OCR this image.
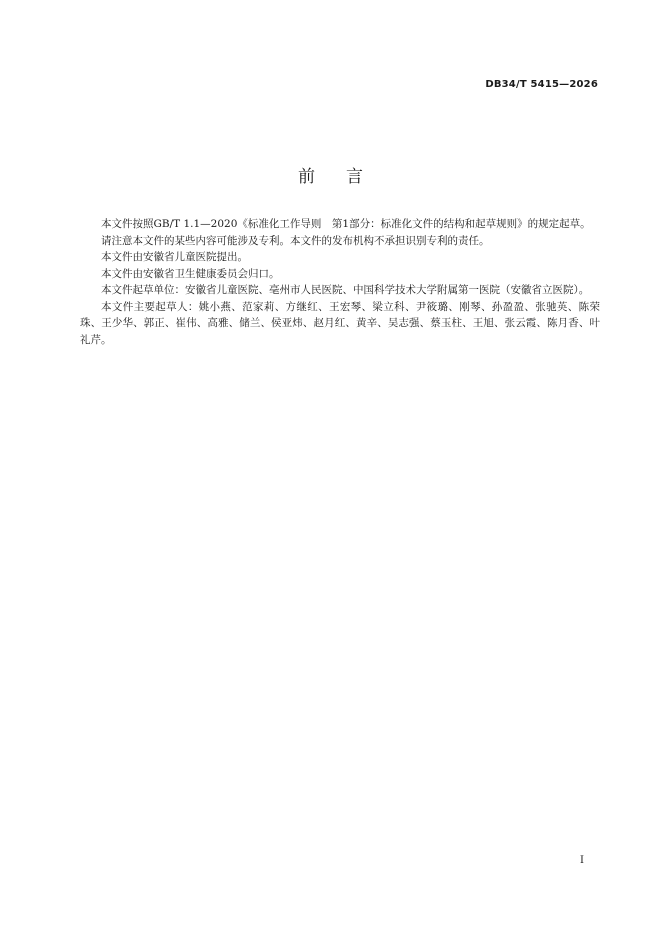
DB34/T 5415—2026
前 言

本文件按照GB/T 1.1—2020《标准化工作导则　第1部分：标准化文件的结构和起草规则》的规定起草。

请注意本文件的某些内容可能涉及专利。本文件的发布机构不承担识别专利的责任。

本文件由安徽省儿童医院提出。

本文件由安徽省卫生健康委员会归口。

本文件起草单位：安徽省儿童医院、亳州市人民医院、中国科学技术大学附属第一医院（安徽省立医院）。

本文件主要起草人：姚小燕、范家莉、方继红、王宏琴、梁立科、尹筱璐、刚琴、孙盈盈、张驰英、陈荣珠、王少华、郭正、崔伟、高雅、储兰、侯亚炜、赵月红、黄辛、吴志强、蔡玉柱、王旭、张云霞、陈月香、叶礼芹。

I
